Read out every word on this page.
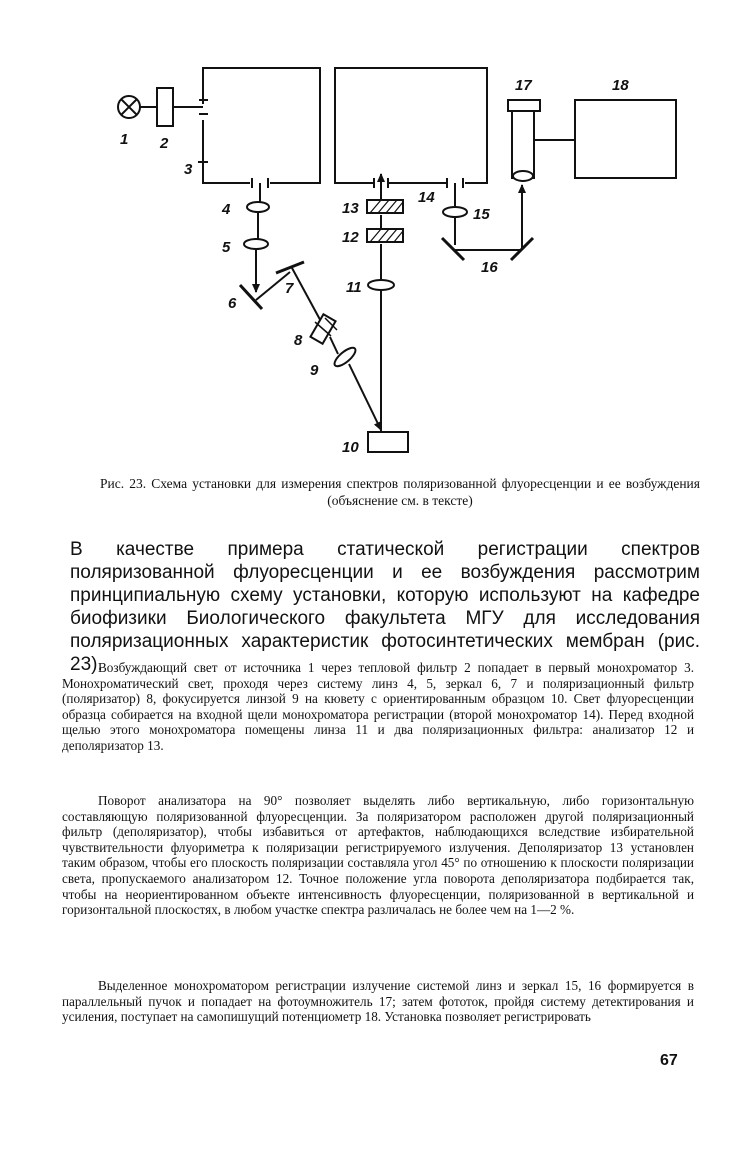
1 2
3
4
5
6
7
8
9
10
11
12
13
14
15
16
17	18
Рис. 23. Схема установки для измерения спектров поляризованной флуоресценции и ее возбуждения (объяснение см. в тексте)
В качестве примера статической регистрации спектров поляризованной флуоресценции и ее возбуждения рассмотрим принципиальную схему установки, которую используют на кафедре биофизики Биологического факультета МГУ для исследования поляризационных характеристик фотосинтетических мембран (рис. 23).

Возбуждающий свет от источника 1 через тепловой фильтр 2 попадает в первый монохроматор 3. Монохроматический свет, проходя через систему линз 4, 5, зеркал 6, 7 и поляризационный фильтр (поляризатор) 8, фокусируется линзой 9 на кювету с ориентированным образцом 10. Свет флуоресценции образца собирается на входной щели монохроматора регистрации (второй монохроматор 14). Перед входной щелью этого монохроматора помещены линза 11 и два поляризационных фильтра: анализатор 12 и деполяризатор 13.

Поворот анализатора на 90° позволяет выделять либо вертикальную, либо горизонтальную составляющую поляризованной флуоресценции. За поляризатором расположен другой поляризационный фильтр (деполяризатор), чтобы избавиться от артефактов, наблюдающихся вследствие избирательной чувствительности флуориметра к поляризации регистрируемого излучения. Деполяризатор 13 установлен таким образом, чтобы его плоскость поляризации составляла угол 45° по отношению к плоскости поляризации света, пропускаемого анализатором 12. Точное положение угла поворота деполяризатора подбирается так, чтобы на неориентированном объекте интенсивность флуоресценции, поляризованной в вертикальной и горизонтальной плоскостях, в любом участке спектра различалась не более чем на 1—2 %.

Выделенное монохроматором регистрации излучение системой линз и зеркал 15, 16 формируется в параллельный пучок и попадает на фотоумножитель 17; затем фототок, пройдя систему детектирования и усиления, поступает на самопишущий потенциометр 18. Установка позволяет регистрировать

67
